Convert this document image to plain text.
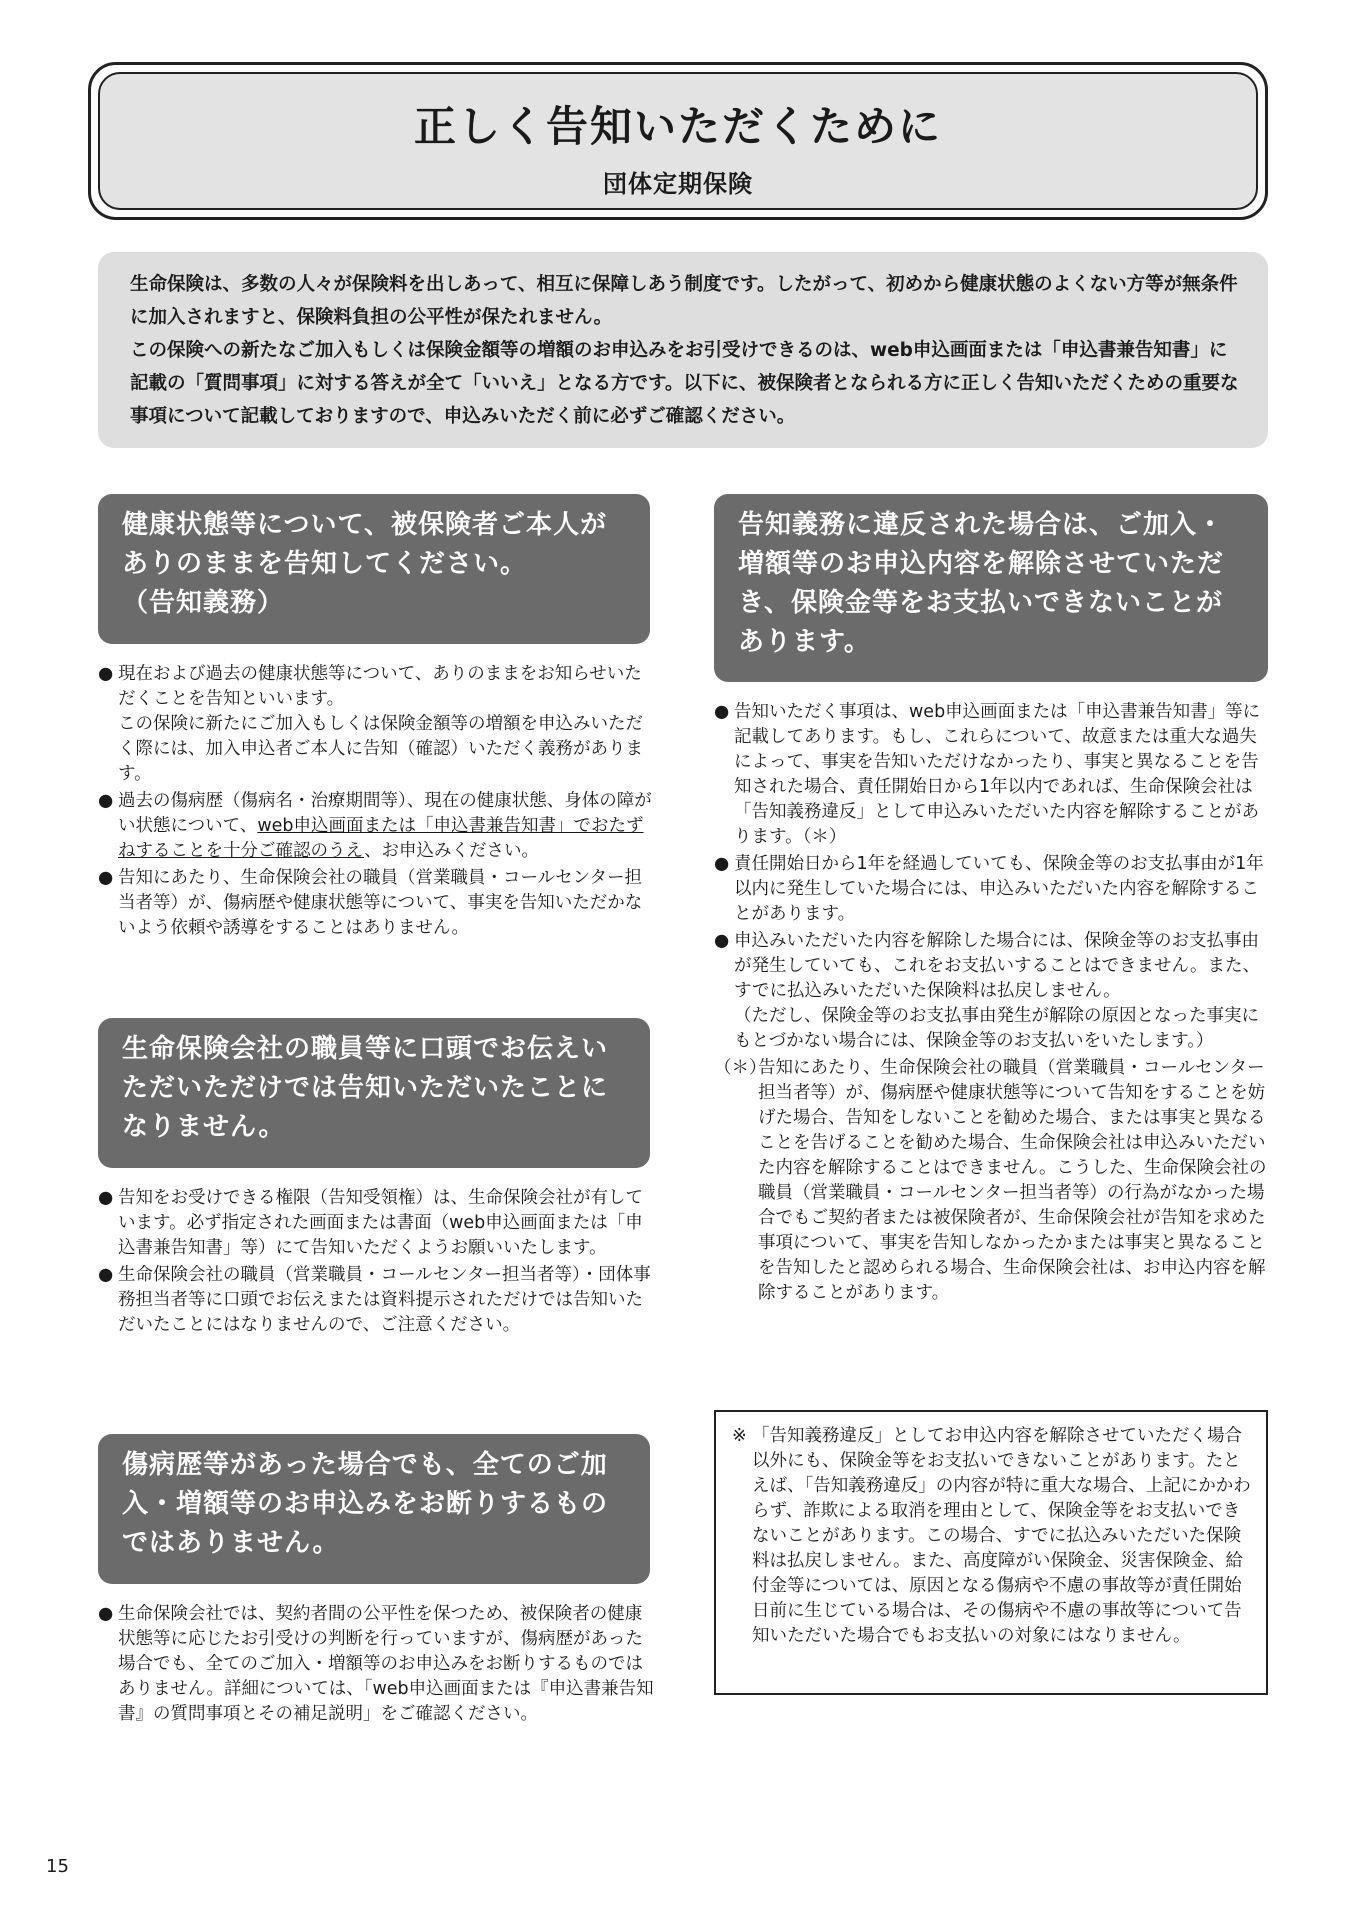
正しく告知いただくために
団体定期保険

生命保険は、多数の人々が保険料を出しあって、相互に保障しあう制度です。したがって、初めから健康状態のよくない方等が無条件に加入されますと、保険料負担の公平性が保たれません。

この保険への新たなご加入もしくは保険金額等の増額のお申込みをお引受けできるのは、web申込画面または「申込書兼告知書」に記載の「質問事項」に対する答えが全て「いいえ」となる方です。以下に、被保険者となられる方に正しく告知いただくための重要な事項について記載しておりますので、申込みいただく前に必ずご確認ください。

健康状態等について、被保険者ご本人が
ありのままを告知してください。
（告知義務）
● 現在および過去の健康状態等について、ありのままをお知らせいただくことを告知といいます。
この保険に新たにご加入もしくは保険金額等の増額を申込みいただく際には、加入申込者ご本人に告知（確認）いただく義務があります。
● 過去の傷病歴（傷病名・治療期間等）、現在の健康状態、身体の障がい状態について、web申込画面または「申込書兼告知書」でおたずねすることを十分ご確認のうえ、お申込みください。
● 告知にあたり、生命保険会社の職員（営業職員・コールセンター担当者等）が、傷病歴や健康状態等について、事実を告知いただかないよう依頼や誘導をすることはありません。
生命保険会社の職員等に口頭でお伝えい
ただいただけでは告知いただいたことに
なりません。
● 告知をお受けできる権限（告知受領権）は、生命保険会社が有しています。必ず指定された画面または書面（web申込画面または「申込書兼告知書」等）にて告知いただくようお願いいたします。
● 生命保険会社の職員（営業職員・コールセンター担当者等）・団体事務担当者等に口頭でお伝えまたは資料提示されただけでは告知いただいたことにはなりませんので、ご注意ください。
傷病歴等があった場合でも、全てのご加
入・増額等のお申込みをお断りするもの
ではありません。
● 生命保険会社では、契約者間の公平性を保つため、被保険者の健康状態等に応じたお引受けの判断を行っていますが、傷病歴があった場合でも、全てのご加入・増額等のお申込みをお断りするものではありません。詳細については、「web申込画面または『申込書兼告知書』の質問事項とその補足説明」をご確認ください。
告知義務に違反された場合は、ご加入・
増額等のお申込内容を解除させていただ
き、保険金等をお支払いできないことが
あります。
● 告知いただく事項は、web申込画面または「申込書兼告知書」等に記載してあります。もし、これらについて、故意または重大な過失によって、事実を告知いただけなかったり、事実と異なることを告知された場合、責任開始日から1年以内であれば、生命保険会社は「告知義務違反」として申込みいただいた内容を解除することがあります。（＊）
● 責任開始日から1年を経過していても、保険金等のお支払事由が1年以内に発生していた場合には、申込みいただいた内容を解除することがあります。
● 申込みいただいた内容を解除した場合には、保険金等のお支払事由が発生していても、これをお支払いすることはできません。また、すでに払込みいただいた保険料は払戻しません。
（ただし、保険金等のお支払事由発生が解除の原因となった事実にもとづかない場合には、保険金等のお支払いをいたします。）
（＊）
告知にあたり、生命保険会社の職員（営業職員・コールセンター担当者等）が、傷病歴や健康状態等について告知をすることを妨げた場合、告知をしないことを勧めた場合、または事実と異なることを告げることを勧めた場合、生命保険会社は申込みいただいた内容を解除することはできません。こうした、生命保険会社の職員（営業職員・コールセンター担当者等）の行為がなかった場合でもご契約者または被保険者が、生命保険会社が告知を求めた事項について、事実を告知しなかったかまたは事実と異なることを告知したと認められる場合、生命保険会社は、お申込内容を解除することがあります。
※ 「告知義務違反」としてお申込内容を解除させていただく場合以外にも、保険金等をお支払いできないことがあります。たとえば、「告知義務違反」の内容が特に重大な場合、上記にかかわらず、詐欺による取消を理由として、保険金等をお支払いできないことがあります。この場合、すでに払込みいただいた保険料は払戻しません。また、高度障がい保険金、災害保険金、給付金等については、原因となる傷病や不慮の事故等が責任開始日前に生じている場合は、その傷病や不慮の事故等について告知いただいた場合でもお支払いの対象にはなりません。
15
